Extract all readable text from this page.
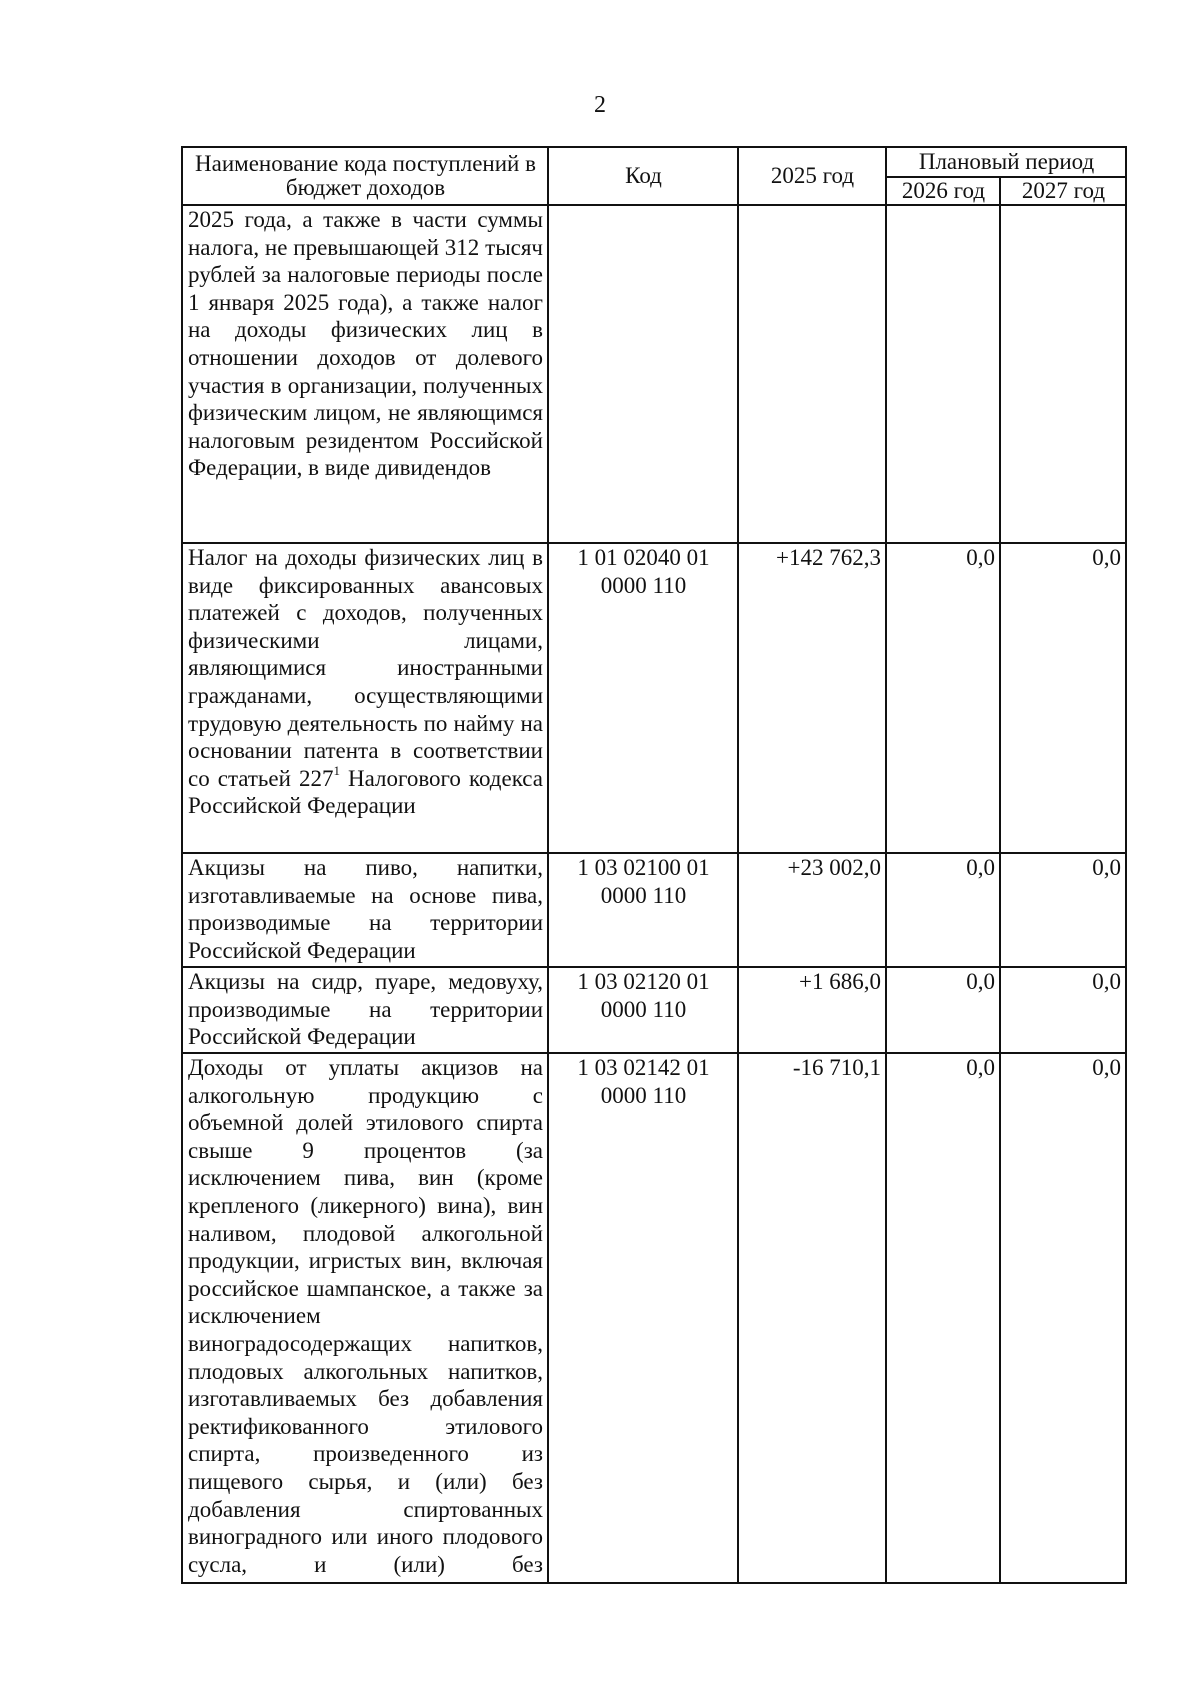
2
Наименование кода поступлений в бюджет доходов	Код	2025 год	Плановый период	
			2026 год	2027 год
2025 года, а также в части суммы налога, не превышающей 312 тысяч рублей за налоговые периоды после 1 января 2025 года), а также налог на доходы физических лиц в отношении доходов от долевого участия в организации, полученных физическим лицом, не являющимся налоговым резидентом Российской Федерации, в виде дивидендов				
Налог на доходы физических лиц в виде фиксированных авансовых платежей с доходов, полученных физическими лицами, являющимися иностранными гражданами, осуществляющими трудовую деятельность по найму на основании патента в соответствии со статьей $227^1$ Налогового кодекса Российской Федерации	1 01 02040 01 0000 110	+142 762,3	0,0	0,0
Акцизы на пиво, напитки, изготавливаемые на основе пива, производимые на территории Российской Федерации	1 03 02100 01 0000 110	+23 002,0	0,0	0,0
Акцизы на сидр, пуаре, медовуху, производимые на территории Российской Федерации	1 03 02120 01 0000 110	+1 686,0	0,0	0,0
Доходы от уплаты акцизов на алкогольную продукцию с объемной долей этилового спирта свыше 9 процентов (за исключением пива, вин (кроме крепленого (ликерного) вина), вин наливом, плодовой алкогольной продукции, игристых вин, включая российское шампанское, а также за исключением виноградосодержащих напитков, плодовых алкогольных напитков, изготавливаемых без добавления ректификованного этилового спирта, произведенного из пищевого сырья, и (или) без добавления спиртованных виноградного или иного плодового сусла, и (или) без	1 03 02142 01 0000 110	-16 710,1	0,0	0,0
